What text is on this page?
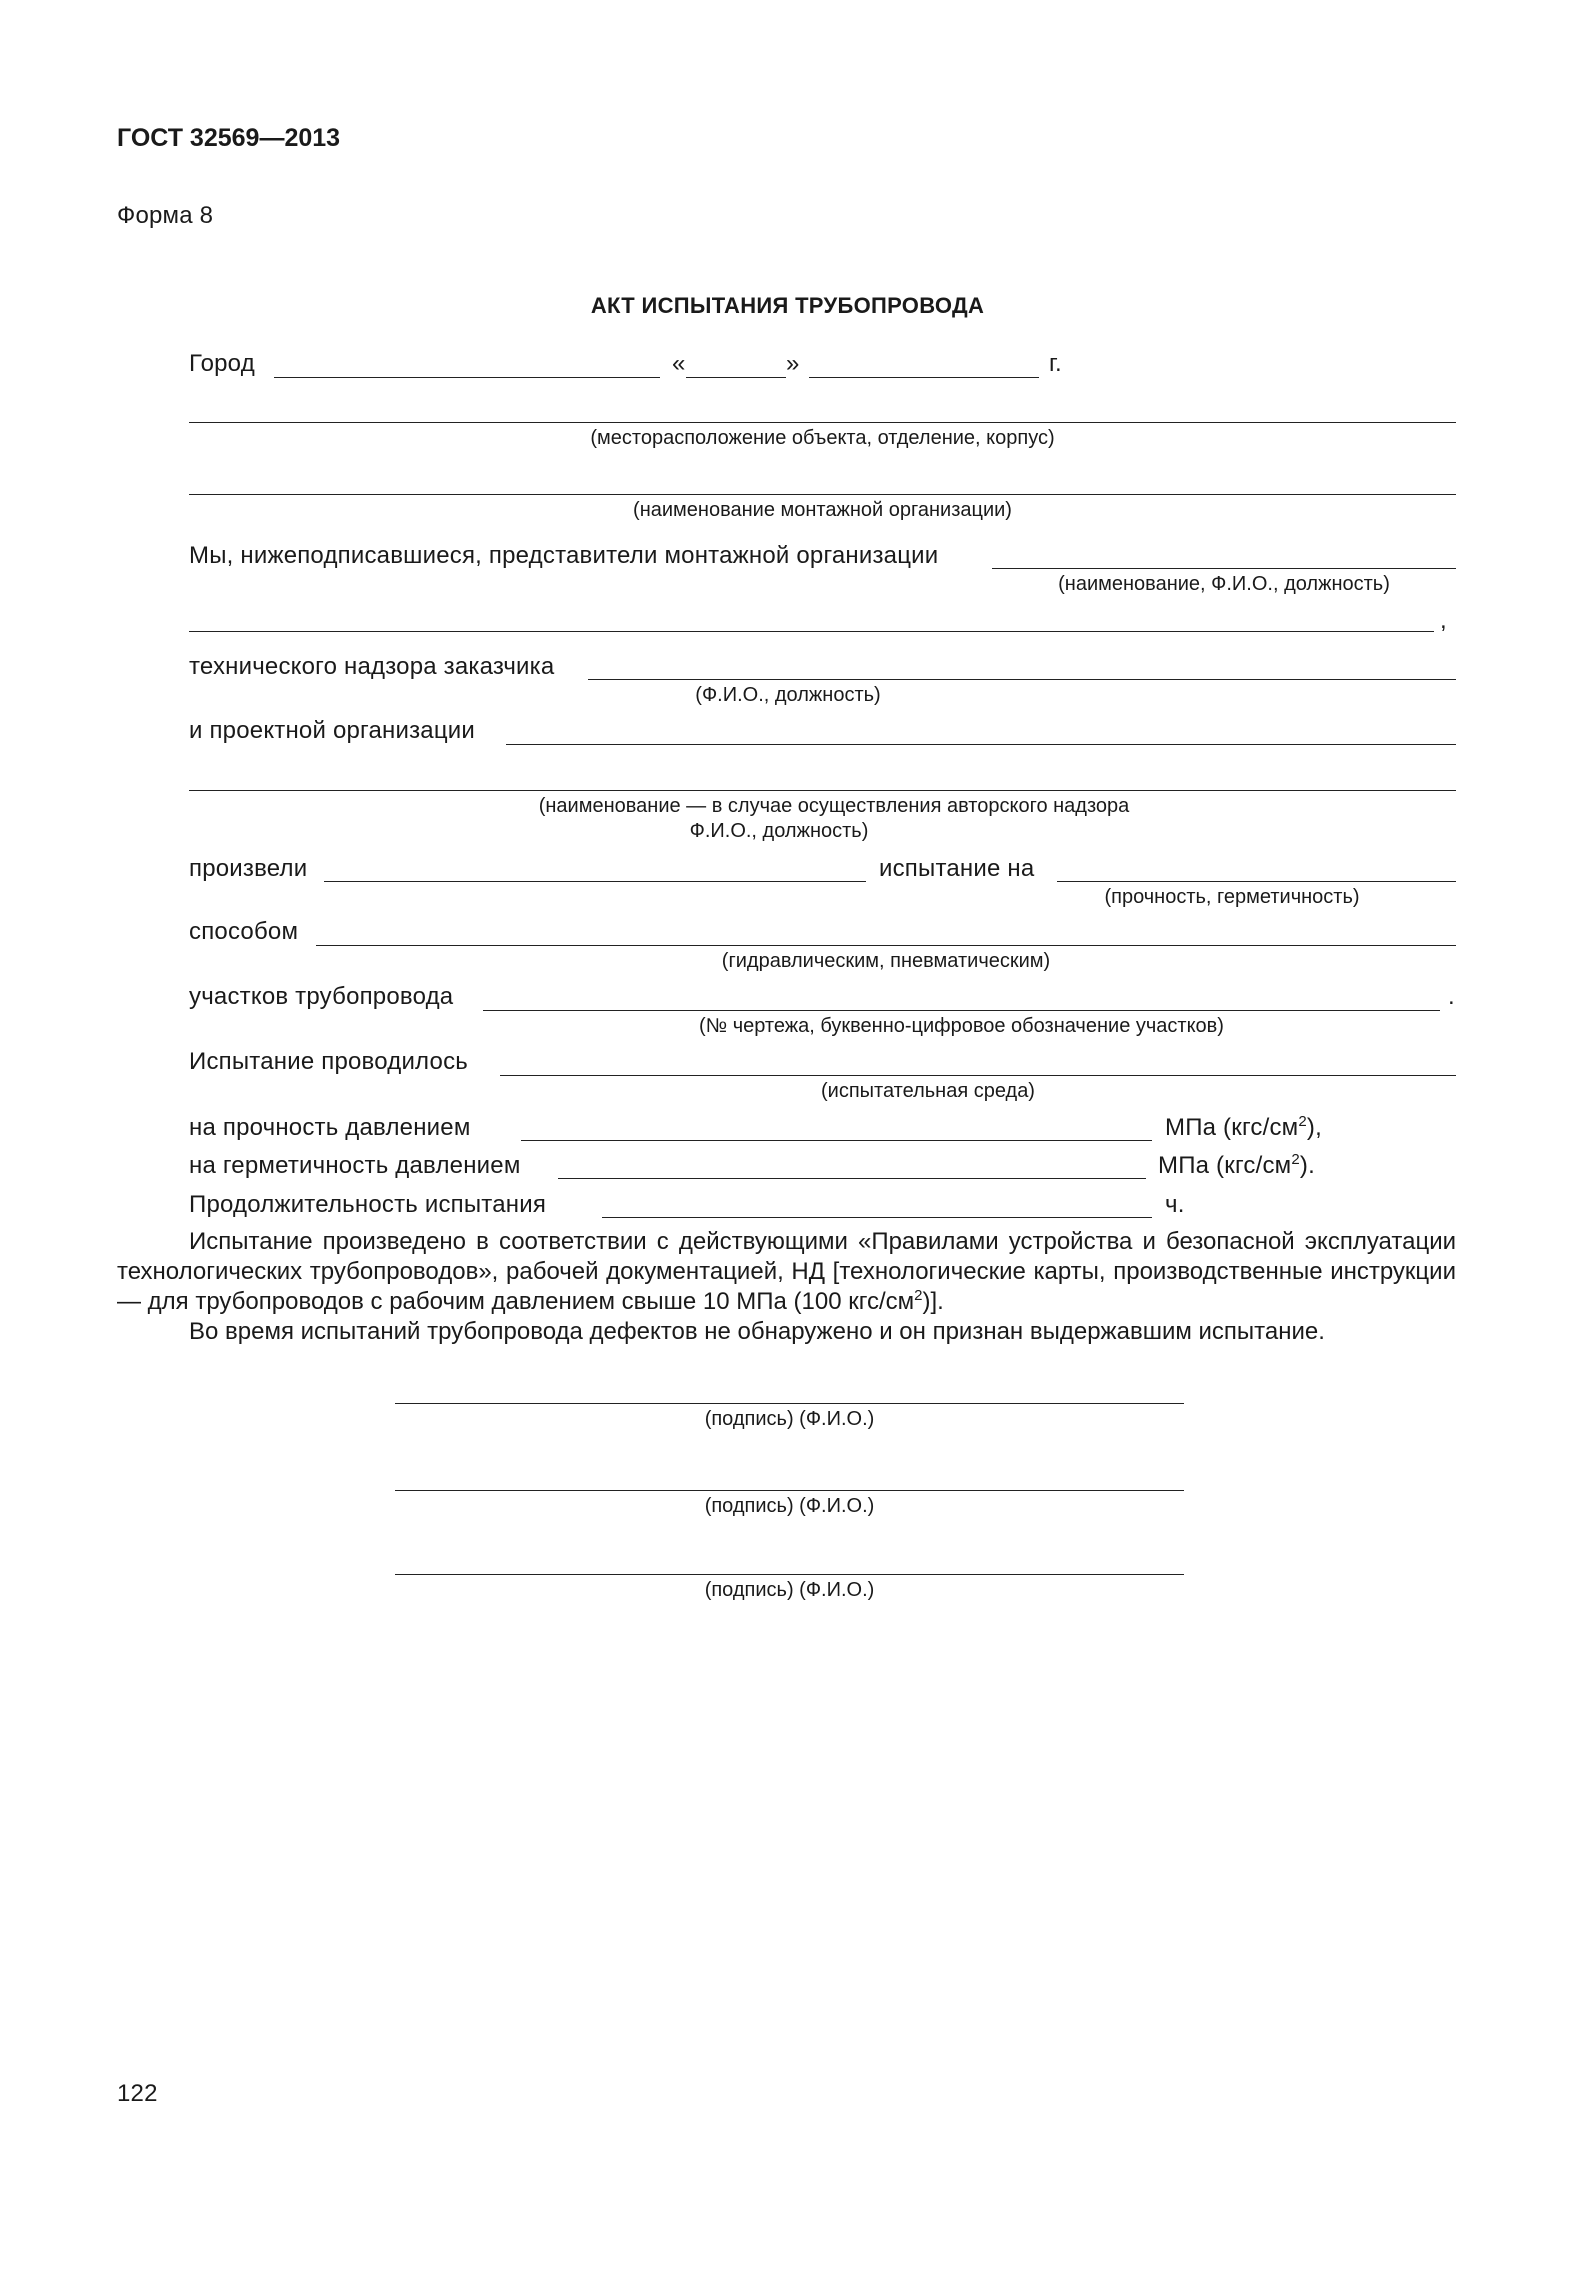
ГОСТ 32569—2013
Форма 8
АКТ ИСПЫТАНИЯ ТРУБОПРОВОДА
Город	«	»	г.
(месторасположение объекта, отделение, корпус)
(наименование монтажной организации)
Мы, нижеподписавшиеся, представители монтажной организации
(наименование, Ф.И.О., должность)
,
технического надзора заказчика
(Ф.И.О., должность)
и проектной организации
(наименование — в случае осуществления авторского надзора
Ф.И.О., должность)
произвели	испытание на
(прочность, герметичность)
способом
(гидравлическим, пневматическим)
участков трубопровода	.
(№ чертежа, буквенно-цифровое обозначение участков)
Испытание проводилось
(испытательная среда)
на прочность давлением	МПа $(кгс/см^2)$,
на герметичность давлением	МПа $(кгс/см^2)$.
Продолжительность испытания	ч.
Испытание произведено в соответствии с действующими «Правилами устройства и безопасной эксплуатации технологических трубопроводов», рабочей документацией, НД [технологические карты, производственные инструкции — для трубопроводов с рабочим давлением свыше 10 МПа (100 кгс/$см^2$)].
Во время испытаний трубопровода дефектов не обнаружено и он признан выдержавшим испытание.
(подпись) (Ф.И.О.)
(подпись) (Ф.И.О.)
(подпись) (Ф.И.О.)
122
